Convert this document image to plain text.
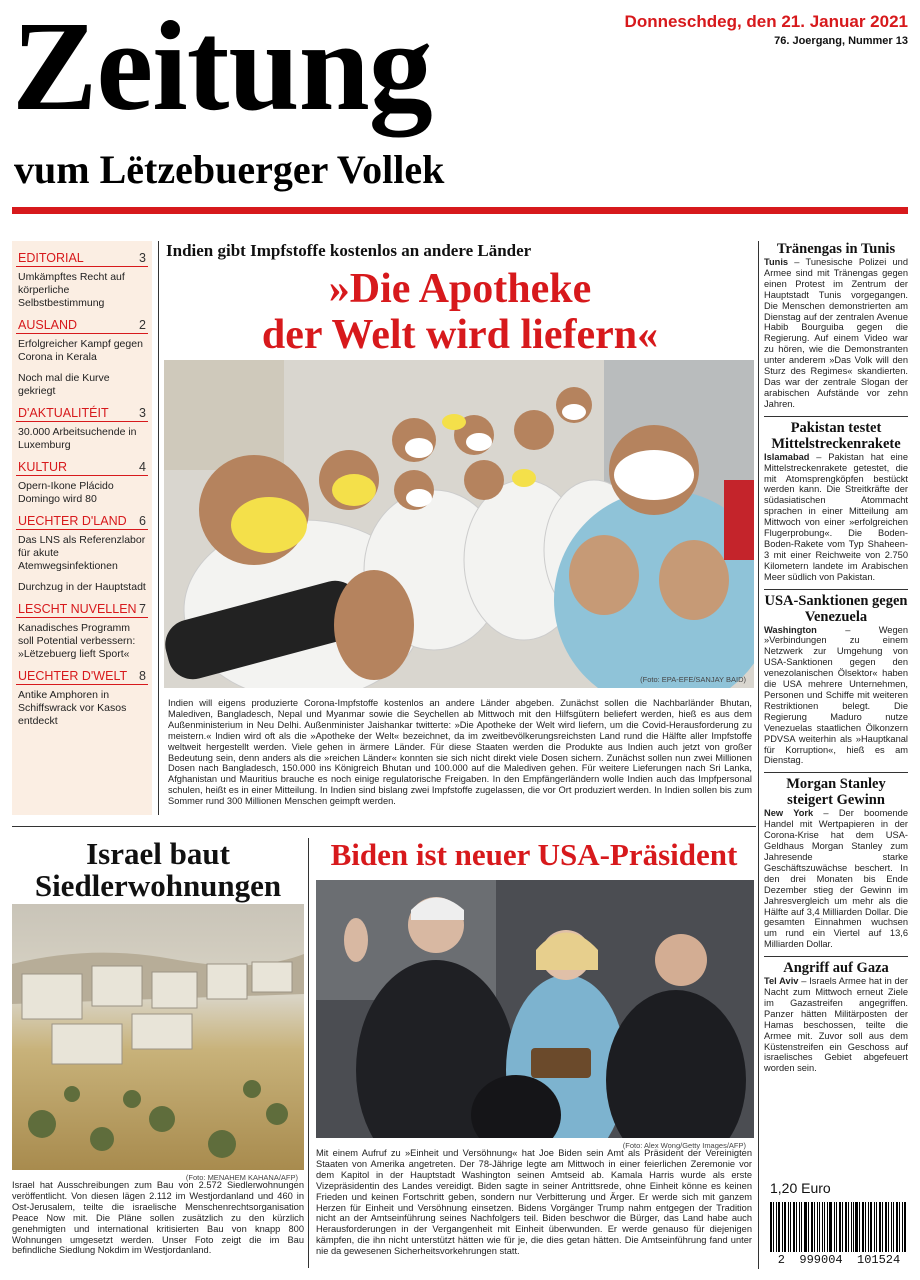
Zeitung
vum Lëtzebuerger Vollek
Donneschdeg, den 21. Januar 2021
76. Joergang, Nummer 13
EDITORIAL	3
Umkämpftes Recht auf körperliche Selbstbestimmung
AUSLAND	2
Erfolgreicher Kampf gegen Corona in Kerala
Noch mal die Kurve gekriegt
D'AKTUALITÉIT 3
30.000 Arbeitsuchende in Luxemburg
KULTUR	4
Opern-Ikone Plácido Domingo wird 80
UECHTER D'LAND 6
Das LNS als Referenzlabor für akute Atemwegsinfektionen
Durchzug in der Hauptstadt
LESCHT NUVELLEN 7
Kanadisches Programm soll Potential verbessern: »Lëtzebuerg lieft Sport«
UECHTER D'WELT 8
Antike Amphoren in Schiffswrack vor Kasos entdeckt
Indien gibt Impfstoffe kostenlos an andere Länder
»Die Apotheke
der Welt wird liefern«
(Foto: EPA-EFE/SANJAY BAID)
Indien will eigens produzierte Corona-Impfstoffe kostenlos an andere Länder abgeben. Zunächst sollen die Nachbarländer Bhutan, Malediven, Bangladesch, Nepal und Myanmar sowie die Seychellen ab Mittwoch mit den Hilfsgütern beliefert werden, hieß es aus dem Außenministerium in Neu Delhi. Außenminister Jaishankar twitterte: »Die Apotheke der Welt wird liefern, um die Covid-Herausforderung zu meistern.« Indien wird oft als die »Apotheke der Welt« bezeichnet, da im zweitbevölkerungsreichsten Land rund die Hälfte aller Impfstoffe weltweit hergestellt werden. Viele gehen in ärmere Länder. Für diese Staaten werden die Produkte aus Indien auch jetzt von großer Bedeutung sein, denn anders als die »reichen Länder« konnten sie sich nicht direkt viele Dosen sichern. Zunächst sollen nun zwei Millionen Dosen nach Bangladesch, 150.000 ins Königreich Bhutan und 100.000 auf die Malediven gehen. Für weitere Lieferungen nach Sri Lanka, Afghanistan und Mauritius brauche es noch einige regulatorische Freigaben. In den Empfängerländern wolle Indien auch das Impfpersonal schulen, heißt es in einer Mitteilung. In Indien sind bislang zwei Impfstoffe zugelassen, die vor Ort produziert werden. In Indien sollen bis zum Sommer rund 300 Millionen Menschen geimpft werden.
Tränengas in Tunis
Tunis – Tunesische Polizei und Armee sind mit Tränengas gegen einen Protest im Zentrum der Hauptstadt Tunis vorgegangen. Die Menschen demonstrierten am Dienstag auf der zentralen Avenue Habib Bourguiba gegen die Regierung. Auf einem Video war zu hören, wie die Demonstranten unter anderem »Das Volk will den Sturz des Regimes« skandierten. Das war der zentrale Slogan der arabischen Aufstände vor zehn Jahren.
Pakistan testet Mittelstreckenrakete
Islamabad – Pakistan hat eine Mittelstreckenrakete getestet, die mit Atomsprengköpfen bestückt werden kann. Die Streitkräfte der südasiatischen Atommacht sprachen in einer Mitteilung am Mittwoch von einer »erfolgreichen Flugerprobung«. Die Boden-Boden-Rakete vom Typ Shaheen-3 mit einer Reichweite von 2.750 Kilometern landete im Arabischen Meer südlich von Pakistan.
USA-Sanktionen gegen Venezuela
Washington – Wegen »Verbindungen zu einem Netzwerk zur Umgehung von USA-Sanktionen gegen den venezolanischen Ölsektor« haben die USA mehrere Unternehmen, Personen und Schiffe mit weiteren Restriktionen belegt. Die Regierung Maduro nutze Venezuelas staatlichen Ölkonzern PDVSA weiterhin als »Hauptkanal für Korruption«, hieß es am Dienstag.
Morgan Stanley steigert Gewinn
New York – Der boomende Handel mit Wertpapieren in der Corona-Krise hat dem USA-Geldhaus Morgan Stanley zum Jahresende starke Geschäftszuwächse beschert. In den drei Monaten bis Ende Dezember stieg der Gewinn im Jahresvergleich um mehr als die Hälfte auf 3,4 Milliarden Dollar. Die gesamten Einnahmen wuchsen um rund ein Viertel auf 13,6 Milliarden Dollar.
Angriff auf Gaza
Tel Aviv – Israels Armee hat in der Nacht zum Mittwoch erneut Ziele im Gazastreifen angegriffen. Panzer hätten Militärposten der Hamas beschossen, teilte die Armee mit. Zuvor soll aus dem Küstenstreifen ein Geschoss auf israelisches Gebiet abgefeuert worden sein.
1,20 Euro
2  999004  101524
Israel baut Siedlerwohnungen
(Foto: MENAHEM KAHANA/AFP)
Israel hat Ausschreibungen zum Bau von 2.572 Siedlerwohnungen veröffentlicht. Von diesen lägen 2.112 im Westjordanland und 460 in Ost-Jerusalem, teilte die israelische Menschenrechtsorganisation Peace Now mit. Die Pläne sollen zusätzlich zu den kürzlich genehmigten und international kritisierten Bau von knapp 800 Wohnungen umgesetzt werden. Unser Foto zeigt die im Bau befindliche Siedlung Nokdim im Westjordanland.
Biden ist neuer USA-Präsident
(Foto: Alex Wong/Getty Images/AFP)
Mit einem Aufruf zu »Einheit und Versöhnung« hat Joe Biden sein Amt als Präsident der Vereinigten Staaten von Amerika angetreten. Der 78-Jährige legte am Mittwoch in einer feierlichen Zeremonie vor dem Kapitol in der Hauptstadt Washington seinen Amtseid ab. Kamala Harris wurde als erste Vizepräsidentin des Landes vereidigt. Biden sagte in seiner Antrittsrede, ohne Einheit könne es keinen Frieden und keinen Fortschritt geben, sondern nur Verbitterung und Ärger. Er werde sich mit ganzem Herzen für Einheit und Versöhnung einsetzen. Bidens Vorgänger Trump nahm entgegen der Tradition nicht an der Amtseinführung seines Nachfolgers teil. Biden beschwor die Bürger, das Land habe auch Herausforderungen in der Vergangenheit mit Einheit überwunden. Er werde genauso für diejenigen kämpfen, die ihn nicht unterstützt hätten wie für je, die dies getan hätten. Die Amtseinführung fand unter nie da gewesenen Sicherheitsvorkehrungen statt.
